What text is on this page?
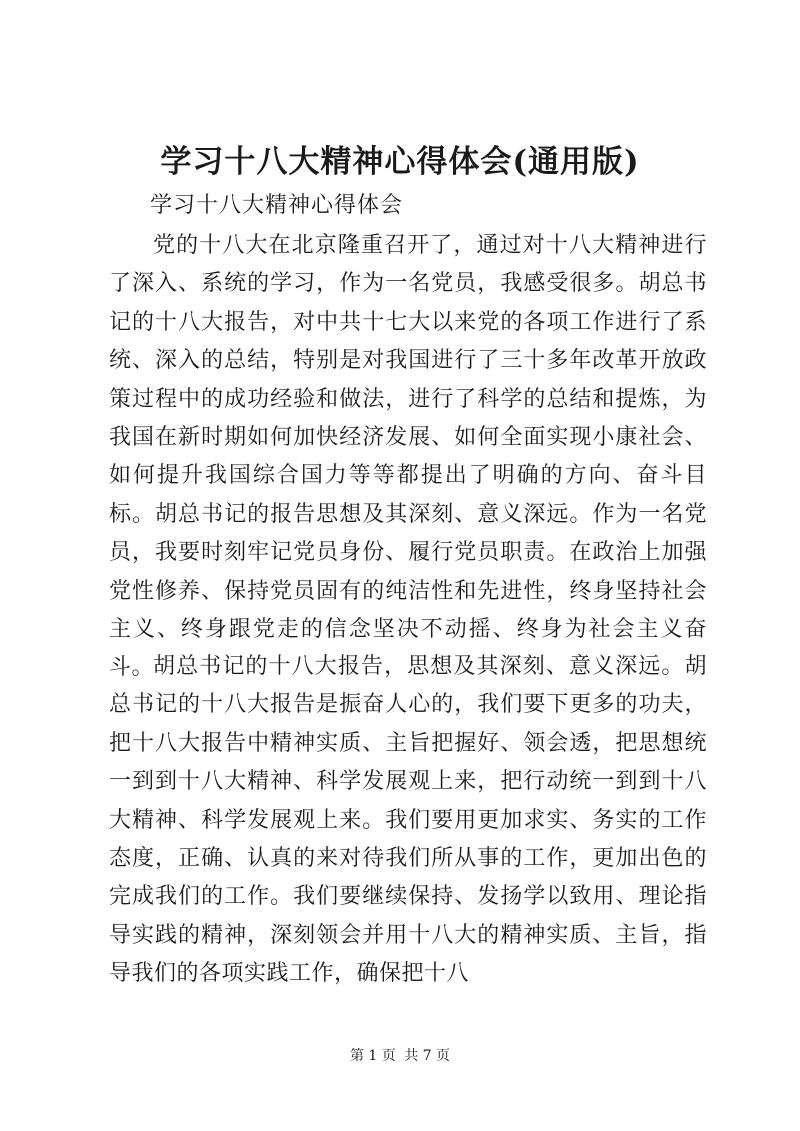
学习十八大精神心得体会(通用版)

学习十八大精神心得体会

党的十八大在北京隆重召开了，通过对十八大精神进行了深入、系统的学习，作为一名党员，我感受很多。胡总书记的十八大报告，对中共十七大以来党的各项工作进行了系统、深入的总结，特别是对我国进行了三十多年改革开放政策过程中的成功经验和做法，进行了科学的总结和提炼，为我国在新时期如何加快经济发展、如何全面实现小康社会、如何提升我国综合国力等等都提出了明确的方向、奋斗目标。胡总书记的报告思想及其深刻、意义深远。作为一名党员，我要时刻牢记党员身份、履行党员职责。在政治上加强党性修养、保持党员固有的纯洁性和先进性，终身坚持社会主义、终身跟党走的信念坚决不动摇、终身为社会主义奋斗。

胡总书记的十八大报告，思想及其深刻、意义深远。胡总书记的十八大报告是振奋人心的，我们要下更多的功夫，把十八大报告中精神实质、主旨把握好、领会透，把思想统一到到十八大精神、科学发展观上来，把行动统一到到十八大精神、科学发展观上来。我们要用更加求实、务实的工作态度，正确、认真的来对待我们所从事的工作，更加出色的完成我们的工作。我们要继续保持、发扬学以致用、理论指导实践的精神，深刻领会并用十八大的精神实质、主旨，指导我们的各项实践工作，确保把十八

第 1 页 共 7 页
